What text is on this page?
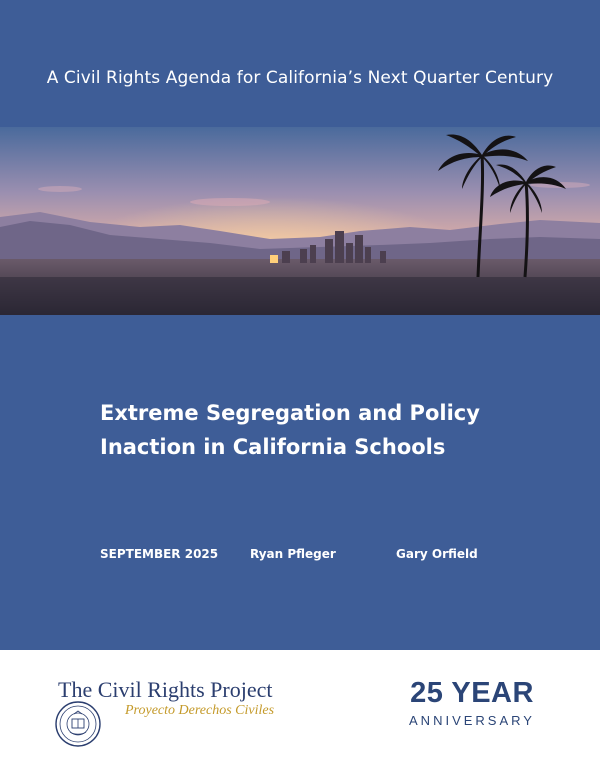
A Civil Rights Agenda for California’s Next Quarter Century
Extreme Segregation and Policy
Inaction in California Schools
SEPTEMBER 2025	Ryan Pfleger	Gary Orfield
The Civil Rights Project
Proyecto Derechos Civiles
25 YEAR
ANNIVERSARY
